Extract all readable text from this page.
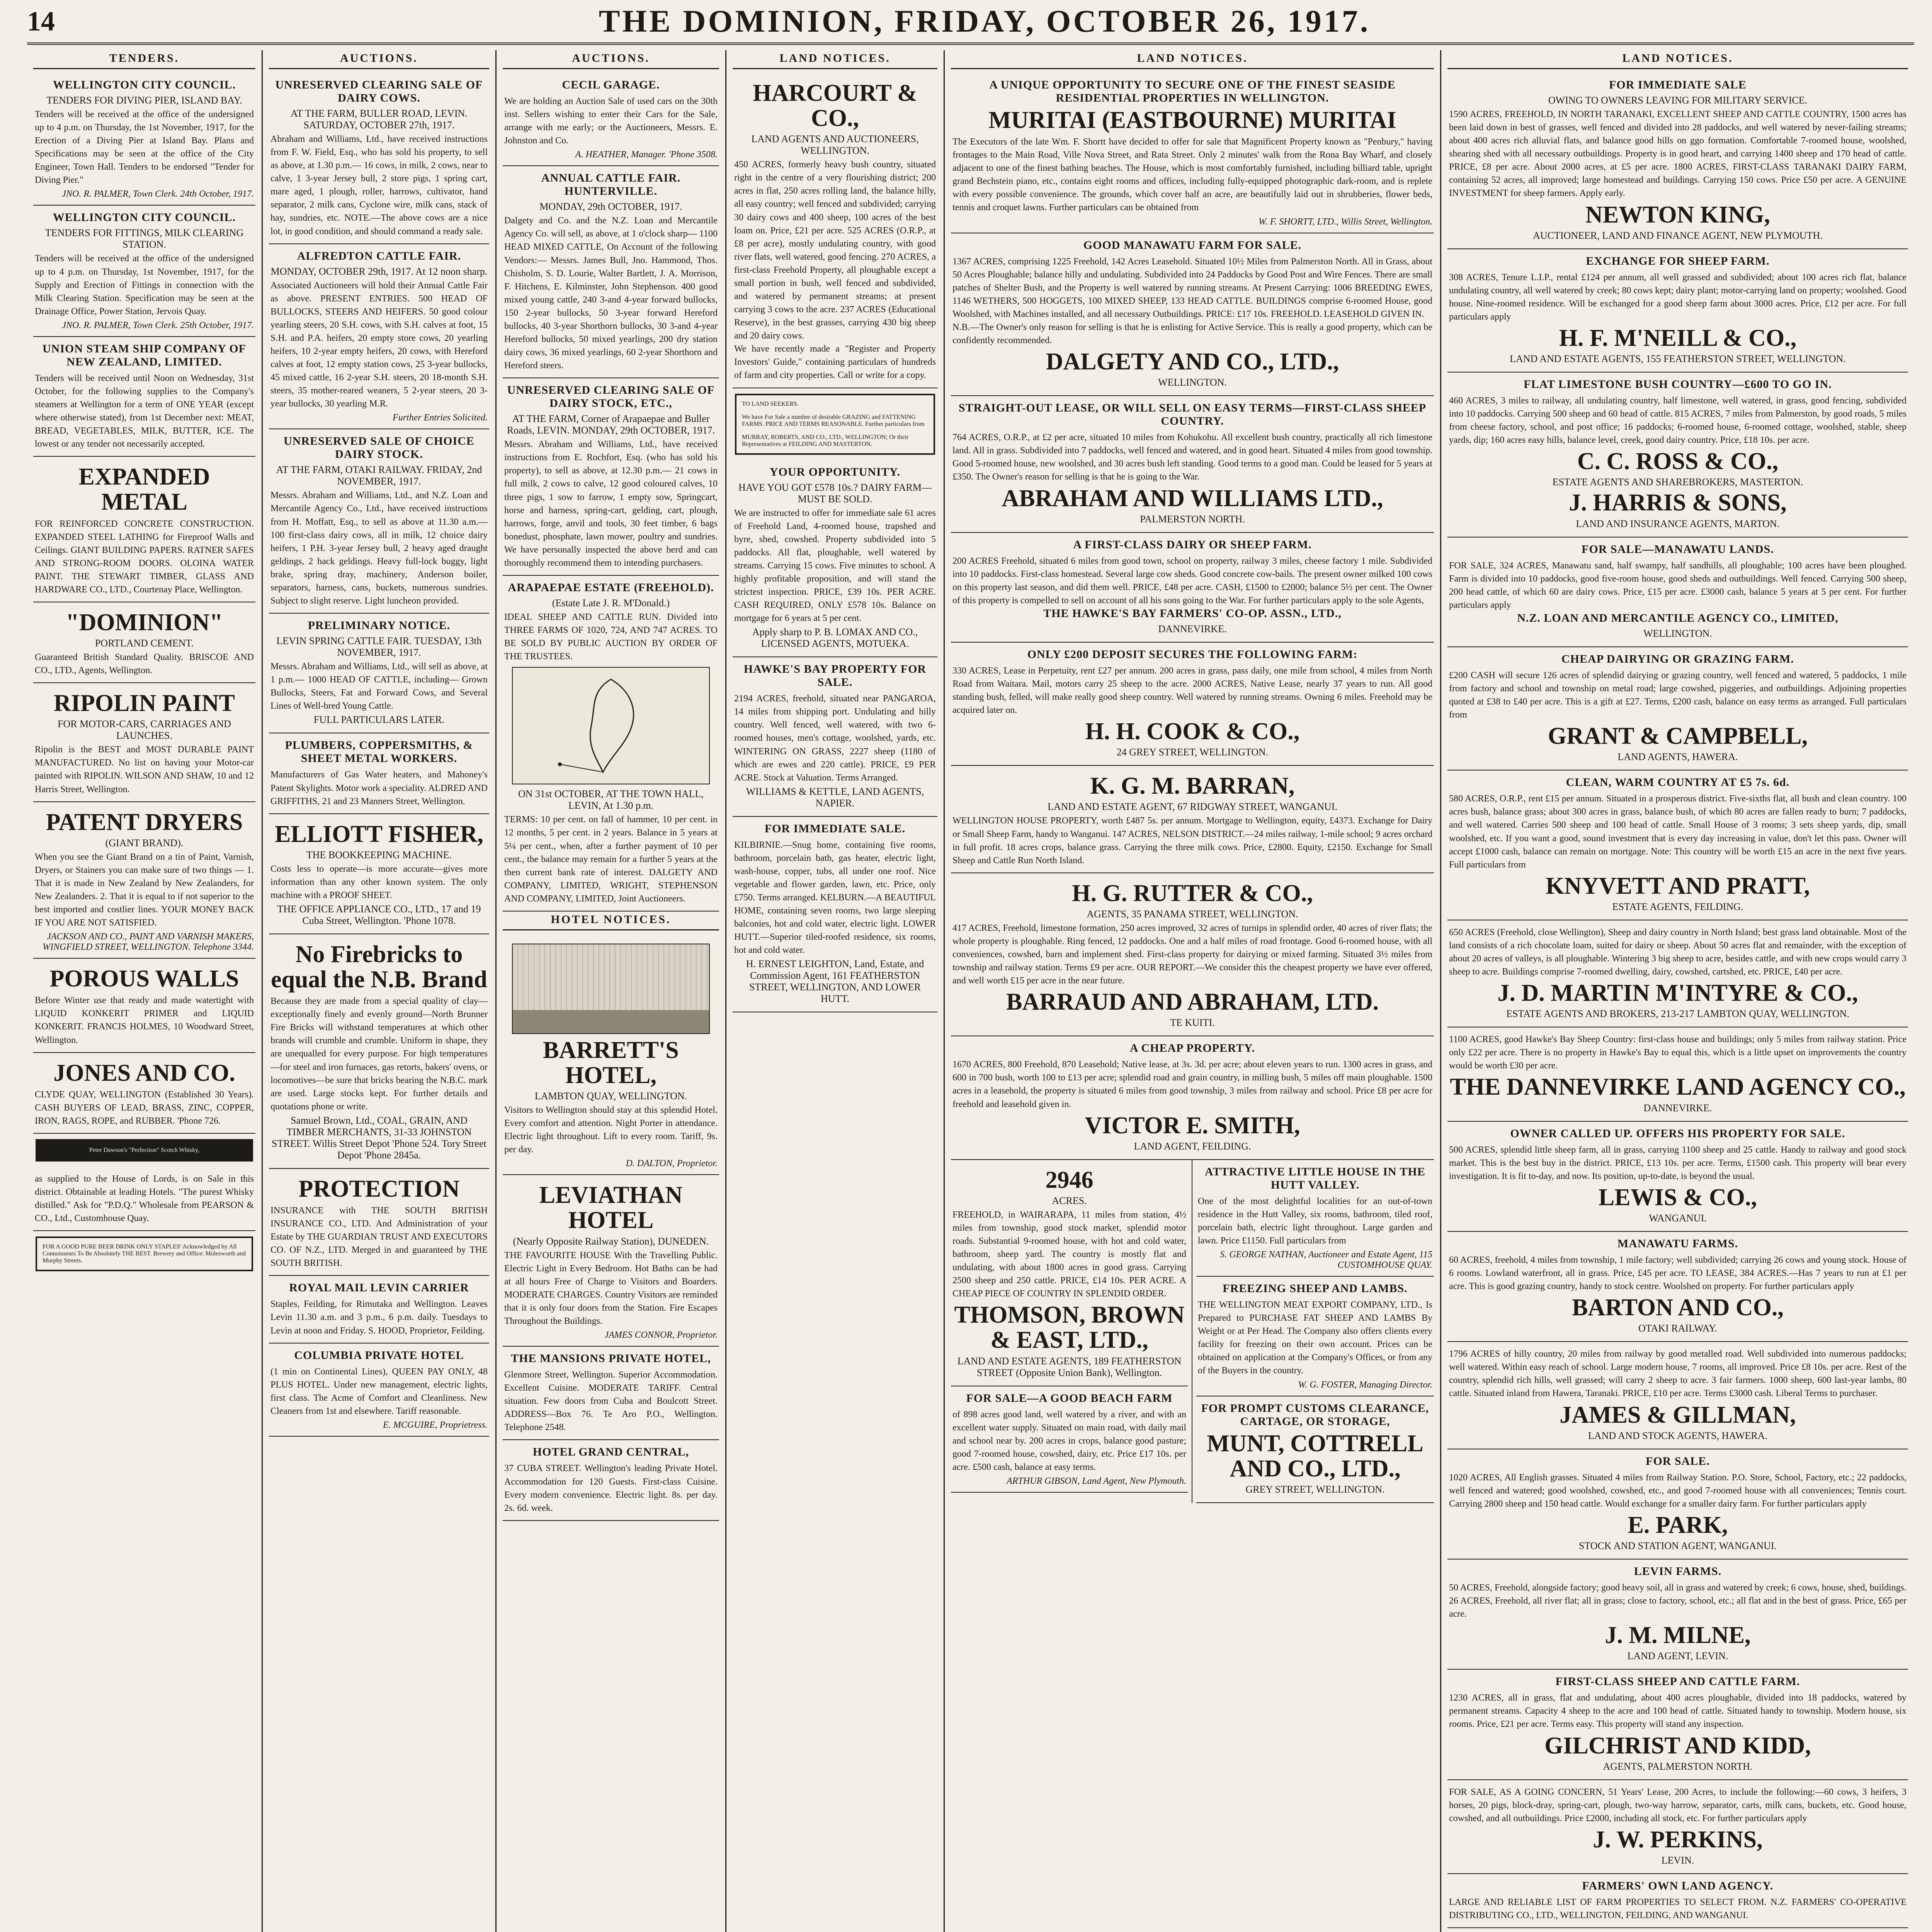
14	THE DOMINION, FRIDAY, OCTOBER 26, 1917.
TENDERS.
WELLINGTON CITY COUNCIL.
TENDERS FOR DIVING PIER, ISLAND BAY.

Tenders will be received at the office of the undersigned up to 4 p.m. on Thursday, the 1st November, 1917, for the Erection of a Diving Pier at Island Bay. Plans and Specifications may be seen at the office of the City Engineer, Town Hall. Tenders to be endorsed "Tender for Diving Pier."

JNO. R. PALMER, Town Clerk. 24th October, 1917.
WELLINGTON CITY COUNCIL.
TENDERS FOR FITTINGS, MILK CLEARING STATION.

Tenders will be received at the office of the undersigned up to 4 p.m. on Thursday, 1st November, 1917, for the Supply and Erection of Fittings in connection with the Milk Clearing Station. Specification may be seen at the Drainage Office, Power Station, Jervois Quay.

JNO. R. PALMER, Town Clerk. 25th October, 1917.
UNION STEAM SHIP COMPANY OF NEW ZEALAND, LIMITED.

Tenders will be received until Noon on Wednesday, 31st October, for the following supplies to the Company's steamers at Wellington for a term of ONE YEAR (except where otherwise stated), from 1st December next: MEAT, BREAD, VEGETABLES, MILK, BUTTER, ICE. The lowest or any tender not necessarily accepted.

EXPANDED METAL

FOR REINFORCED CONCRETE CONSTRUCTION. EXPANDED STEEL LATHING for Fireproof Walls and Ceilings. GIANT BUILDING PAPERS. RATNER SAFES AND STRONG-ROOM DOORS. OLOINA WATER PAINT. THE STEWART TIMBER, GLASS AND HARDWARE CO., LTD., Courtenay Place, Wellington.

"DOMINION"
PORTLAND CEMENT.

Guaranteed British Standard Quality. BRISCOE AND CO., LTD., Agents, Wellington.

RIPOLIN PAINT
FOR MOTOR-CARS, CARRIAGES AND LAUNCHES.

Ripolin is the BEST and MOST DURABLE PAINT MANUFACTURED. No list on having your Motor-car painted with RIPOLIN. WILSON AND SHAW, 10 and 12 Harris Street, Wellington.

PATENT DRYERS
(GIANT BRAND).

When you see the Giant Brand on a tin of Paint, Varnish, Dryers, or Stainers you can make sure of two things — 1. That it is made in New Zealand by New Zealanders, for New Zealanders. 2. That it is equal to if not superior to the best imported and costlier lines. YOUR MONEY BACK IF YOU ARE NOT SATISFIED.

JACKSON AND CO., PAINT AND VARNISH MAKERS, WINGFIELD STREET, WELLINGTON. Telephone 3344.
POROUS WALLS

Before Winter use that ready and made watertight with LIQUID KONKERIT PRIMER and LIQUID KONKERIT. FRANCIS HOLMES, 10 Woodward Street, Wellington.

JONES AND CO.

CLYDE QUAY, WELLINGTON (Established 30 Years). CASH BUYERS OF LEAD, BRASS, ZINC, COPPER, IRON, RAGS, ROPE, and RUBBER. 'Phone 726.

Peter Dawson's "Perfection" Scotch Whisky,

as supplied to the House of Lords, is on Sale in this district. Obtainable at leading Hotels. "The purest Whisky distilled." Ask for "P.D.Q." Wholesale from PEARSON & CO., Ltd., Customhouse Quay.

FOR A GOOD PURE BEER DRINK ONLY STAPLES' Acknowledged by All Connoisseurs To Be Absolutely THE BEST. Brewery and Office: Molesworth and Murphy Streets.
AUCTIONS.
UNRESERVED CLEARING SALE OF DAIRY COWS.
AT THE FARM, BULLER ROAD, LEVIN. SATURDAY, OCTOBER 27th, 1917.

Abraham and Williams, Ltd., have received instructions from F. W. Field, Esq., who has sold his property, to sell as above, at 1.30 p.m.— 16 cows, in milk, 2 cows, near to calve, 1 3-year Jersey bull, 2 store pigs, 1 spring cart, mare aged, 1 plough, roller, harrows, cultivator, hand separator, 2 milk cans, Cyclone wire, milk cans, stack of hay, sundries, etc. NOTE.—The above cows are a nice lot, in good condition, and should command a ready sale.

ALFREDTON CATTLE FAIR.
MONDAY, OCTOBER 29th, 1917. At 12 noon sharp.

Associated Auctioneers will hold their Annual Cattle Fair as above. PRESENT ENTRIES. 500 HEAD OF BULLOCKS, STEERS AND HEIFERS. 50 good colour yearling steers, 20 S.H. cows, with S.H. calves at foot, 15 S.H. and P.A. heifers, 20 empty store cows, 20 yearling heifers, 10 2-year empty heifers, 20 cows, with Hereford calves at foot, 12 empty station cows, 25 3-year bullocks, 45 mixed cattle, 16 2-year S.H. steers, 20 18-month S.H. steers, 35 mother-reared weaners, 5 2-year steers, 20 3-year bullocks, 30 yearling M.R.

Further Entries Solicited.
UNRESERVED SALE OF CHOICE DAIRY STOCK.
AT THE FARM, OTAKI RAILWAY. FRIDAY, 2nd NOVEMBER, 1917.

Messrs. Abraham and Williams, Ltd., and N.Z. Loan and Mercantile Agency Co., Ltd., have received instructions from H. Moffatt, Esq., to sell as above at 11.30 a.m.— 100 first-class dairy cows, all in milk, 12 choice dairy heifers, 1 P.H. 3-year Jersey bull, 2 heavy aged draught geldings, 2 hack geldings. Heavy full-lock buggy, light brake, spring dray, machinery, Anderson boiler, separators, harness, cans, buckets, numerous sundries. Subject to slight reserve. Light luncheon provided.

PRELIMINARY NOTICE.
LEVIN SPRING CATTLE FAIR. TUESDAY, 13th NOVEMBER, 1917.

Messrs. Abraham and Williams, Ltd., will sell as above, at 1 p.m.— 1000 HEAD OF CATTLE, including— Grown Bullocks, Steers, Fat and Forward Cows, and Several Lines of Well-bred Young Cattle.

FULL PARTICULARS LATER.
PLUMBERS, COPPERSMITHS, & SHEET METAL WORKERS.

Manufacturers of Gas Water heaters, and Mahoney's Patent Skylights. Motor work a speciality. ALDRED AND GRIFFITHS, 21 and 23 Manners Street, Wellington.

ELLIOTT FISHER,
THE BOOKKEEPING MACHINE.

Costs less to operate—is more accurate—gives more information than any other known system. The only machine with a PROOF SHEET.

THE OFFICE APPLIANCE CO., LTD., 17 and 19 Cuba Street, Wellington. 'Phone 1078.
No Firebricks to equal the N.B. Brand

Because they are made from a special quality of clay—exceptionally finely and evenly ground—North Brunner Fire Bricks will withstand temperatures at which other brands will crumble and crumble. Uniform in shape, they are unequalled for every purpose. For high temperatures—for steel and iron furnaces, gas retorts, bakers' ovens, or locomotives—be sure that bricks bearing the N.B.C. mark are used. Large stocks kept. For further details and quotations phone or write.

Samuel Brown, Ltd., COAL, GRAIN, AND TIMBER MERCHANTS, 31-33 JOHNSTON STREET. Willis Street Depot 'Phone 524. Tory Street Depot 'Phone 2845a.
PROTECTION

INSURANCE with THE SOUTH BRITISH INSURANCE CO., LTD. And Administration of your Estate by THE GUARDIAN TRUST AND EXECUTORS CO. OF N.Z., LTD. Merged in and guaranteed by THE SOUTH BRITISH.

ROYAL MAIL LEVIN CARRIER

Staples, Feilding, for Rimutaka and Wellington. Leaves Levin 11.30 a.m. and 3 p.m., 6 p.m. daily. Tuesdays to Levin at noon and Friday. S. HOOD, Proprietor, Feilding.

COLUMBIA PRIVATE HOTEL

(1 min on Continental Lines), QUEEN PAY ONLY, 48 PLUS HOTEL. Under new management, electric lights, first class. The Acme of Comfort and Cleanliness. New Cleaners from 1st and elsewhere. Tariff reasonable.

E. MCGUIRE, Proprietress.
AUCTIONS.
CECIL GARAGE.

We are holding an Auction Sale of used cars on the 30th inst. Sellers wishing to enter their Cars for the Sale, arrange with me early; or the Auctioneers, Messrs. E. Johnston and Co.

A. HEATHER, Manager. 'Phone 3508.
ANNUAL CATTLE FAIR. HUNTERVILLE.
MONDAY, 29th OCTOBER, 1917.

Dalgety and Co. and the N.Z. Loan and Mercantile Agency Co. will sell, as above, at 1 o'clock sharp— 1100 HEAD MIXED CATTLE, On Account of the following Vendors:— Messrs. James Bull, Jno. Hammond, Thos. Chisholm, S. D. Lourie, Walter Bartlett, J. A. Morrison, F. Hitchens, E. Kilminster, John Stephenson. 400 good mixed young cattle, 240 3-and 4-year forward bullocks, 150 2-year bullocks, 50 3-year forward Hereford bullocks, 40 3-year Shorthorn bullocks, 30 3-and 4-year Hereford bullocks, 50 mixed yearlings, 200 dry station dairy cows, 36 mixed yearlings, 60 2-year Shorthorn and Hereford steers.

UNRESERVED CLEARING SALE OF DAIRY STOCK, ETC.,
AT THE FARM, Corner of Arapaepae and Buller Roads, LEVIN. MONDAY, 29th OCTOBER, 1917.

Messrs. Abraham and Williams, Ltd., have received instructions from E. Rochfort, Esq. (who has sold his property), to sell as above, at 12.30 p.m.— 21 cows in full milk, 2 cows to calve, 12 good coloured calves, 10 three pigs, 1 sow to farrow, 1 empty sow, Springcart, horse and harness, spring-cart, gelding, cart, plough, harrows, forge, anvil and tools, 30 feet timber, 6 bags bonedust, phosphate, lawn mower, poultry and sundries. We have personally inspected the above herd and can thoroughly recommend them to intending purchasers.

ARAPAEPAE ESTATE (FREEHOLD).
(Estate Late J. R. M'Donald.)

IDEAL SHEEP AND CATTLE RUN. Divided into THREE FARMS OF 1020, 724, AND 747 ACRES. TO BE SOLD BY PUBLIC AUCTION BY ORDER OF THE TRUSTEES.

ON 31st OCTOBER, AT THE TOWN HALL, LEVIN, At 1.30 p.m.

TERMS: 10 per cent. on fall of hammer, 10 per cent. in 12 months, 5 per cent. in 2 years. Balance in 5 years at 5¼ per cent., when, after a further payment of 10 per cent., the balance may remain for a further 5 years at the then current bank rate of interest. DALGETY AND COMPANY, LIMITED, WRIGHT, STEPHENSON AND COMPANY, LIMITED, Joint Auctioneers.

HOTEL NOTICES.
BARRETT'S HOTEL,
LAMBTON QUAY, WELLINGTON.

Visitors to Wellington should stay at this splendid Hotel. Every comfort and attention. Night Porter in attendance. Electric light throughout. Lift to every room. Tariff, 9s. per day.

D. DALTON, Proprietor.
LEVIATHAN HOTEL
(Nearly Opposite Railway Station), DUNEDEN.

THE FAVOURITE HOUSE With the Travelling Public. Electric Light in Every Bedroom. Hot Baths can be had at all hours Free of Charge to Visitors and Boarders. MODERATE CHARGES. Country Visitors are reminded that it is only four doors from the Station. Fire Escapes Throughout the Buildings.

JAMES CONNOR, Proprietor.
THE MANSIONS PRIVATE HOTEL,

Glenmore Street, Wellington. Superior Accommodation. Excellent Cuisine. MODERATE TARIFF. Central situation. Few doors from Cuba and Boulcott Street. ADDRESS—Box 76. Te Aro P.O., Wellington. Telephone 2548.

HOTEL GRAND CENTRAL,

37 CUBA STREET. Wellington's leading Private Hotel. Accommodation for 120 Guests. First-class Cuisine. Every modern convenience. Electric light. 8s. per day. 2s. 6d. week.

LAND NOTICES.
HARCOURT & CO.,
LAND AGENTS AND AUCTIONEERS, WELLINGTON.

450 ACRES, formerly heavy bush country, situated right in the centre of a very flourishing district; 200 acres in flat, 250 acres rolling land, the balance hilly, all easy country; well fenced and subdivided; carrying 30 dairy cows and 400 sheep, 100 acres of the best loam on. Price, £21 per acre. 525 ACRES (O.R.P., at £8 per acre), mostly undulating country, with good river flats, well watered, good fencing. 270 ACRES, a first-class Freehold Property, all ploughable except a small portion in bush, well fenced and subdivided, and watered by permanent streams; at present carrying 3 cows to the acre. 237 ACRES (Educational Reserve), in the best grasses, carrying 430 big sheep and 20 dairy cows.

We have recently made a "Register and Property Investors' Guide," containing particulars of hundreds of farm and city properties. Call or write for a copy.

TO LAND SEEKERS.

We have For Sale a number of desirable GRAZING and FATTENING FARMS. PRICE AND TERMS REASONABLE. Further particulars from

MURRAY, ROBERTS, AND CO., LTD., WELLINGTON; Or their Representatives at FEILDING AND MASTERTON.
YOUR OPPORTUNITY.
HAVE YOU GOT £578 10s.? DAIRY FARM—MUST BE SOLD.

We are instructed to offer for immediate sale 61 acres of Freehold Land, 4-roomed house, trapshed and byre, shed, cowshed. Property subdivided into 5 paddocks. All flat, ploughable, well watered by streams. Carrying 15 cows. Five minutes to school. A highly profitable proposition, and will stand the strictest inspection. PRICE, £39 10s. PER ACRE. CASH REQUIRED, ONLY £578 10s. Balance on mortgage for 6 years at 5 per cent.

Apply sharp to P. B. LOMAX AND CO., LICENSED AGENTS, MOTUEKA.
HAWKE'S BAY PROPERTY FOR SALE.

2194 ACRES, freehold, situated near PANGAROA, 14 miles from shipping port. Undulating and hilly country. Well fenced, well watered, with two 6-roomed houses, men's cottage, woolshed, yards, etc. WINTERING ON GRASS, 2227 sheep (1180 of which are ewes and 220 cattle). PRICE, £9 PER ACRE. Stock at Valuation. Terms Arranged.

WILLIAMS & KETTLE, LAND AGENTS, NAPIER.
FOR IMMEDIATE SALE.

KILBIRNIE.—Snug home, containing five rooms, bathroom, porcelain bath, gas heater, electric light, wash-house, copper, tubs, all under one roof. Nice vegetable and flower garden, lawn, etc. Price, only £750. Terms arranged. KELBURN.—A BEAUTIFUL HOME, containing seven rooms, two large sleeping balconies, hot and cold water, electric light. LOWER HUTT.—Superior tiled-roofed residence, six rooms, hot and cold water.

H. ERNEST LEIGHTON, Land, Estate, and Commission Agent, 161 FEATHERSTON STREET, WELLINGTON, AND LOWER HUTT.
LAND NOTICES.
A UNIQUE OPPORTUNITY TO SECURE ONE OF THE FINEST SEASIDE RESIDENTIAL PROPERTIES IN WELLINGTON.
MURITAI (EASTBOURNE) MURITAI

The Executors of the late Wm. F. Shortt have decided to offer for sale that Magnificent Property known as "Penbury," having frontages to the Main Road, Ville Nova Street, and Rata Street. Only 2 minutes' walk from the Rona Bay Wharf, and closely adjacent to one of the finest bathing beaches. The House, which is most comfortably furnished, including billiard table, upright grand Bechstein piano, etc., contains eight rooms and offices, including fully-equipped photographic dark-room, and is replete with every possible convenience. The grounds, which cover half an acre, are beautifully laid out in shrubberies, flower beds, tennis and croquet lawns. Further particulars can be obtained from

W. F. SHORTT, LTD., Willis Street, Wellington.
GOOD MANAWATU FARM FOR SALE.

1367 ACRES, comprising 1225 Freehold, 142 Acres Leasehold. Situated 10½ Miles from Palmerston North. All in Grass, about 50 Acres Ploughable; balance hilly and undulating. Subdivided into 24 Paddocks by Good Post and Wire Fences. There are small patches of Shelter Bush, and the Property is well watered by running streams. At Present Carrying: 1006 BREEDING EWES, 1146 WETHERS, 500 HOGGETS, 100 MIXED SHEEP, 133 HEAD CATTLE. BUILDINGS comprise 6-roomed House, good Woolshed, with Machines installed, and all necessary Outbuildings. PRICE: £17 10s. FREEHOLD. LEASEHOLD GIVEN IN.

N.B.—The Owner's only reason for selling is that he is enlisting for Active Service. This is really a good property, which can be confidently recommended.

DALGETY AND CO., LTD.,
WELLINGTON.
STRAIGHT-OUT LEASE, OR WILL SELL ON EASY TERMS—FIRST-CLASS SHEEP COUNTRY.

764 ACRES, O.R.P., at £2 per acre, situated 10 miles from Kohukohu. All excellent bush country, practically all rich limestone land. All in grass. Subdivided into 7 paddocks, well fenced and watered, and in good heart. Situated 4 miles from good township. Good 5-roomed house, new woolshed, and 30 acres bush left standing. Good terms to a good man. Could be leased for 5 years at £350. The Owner's reason for selling is that he is going to the War.

ABRAHAM AND WILLIAMS LTD.,
PALMERSTON NORTH.
A FIRST-CLASS DAIRY OR SHEEP FARM.

200 ACRES Freehold, situated 6 miles from good town, school on property, railway 3 miles, cheese factory 1 mile. Subdivided into 10 paddocks. First-class homestead. Several large cow sheds. Good concrete cow-bails. The present owner milked 100 cows on this property last season, and did them well. PRICE, £48 per acre. CASH, £1500 to £2000; balance 5½ per cent. The Owner of this property is compelled to sell on account of all his sons going to the War. For further particulars apply to the sole Agents,

THE HAWKE'S BAY FARMERS' CO-OP. ASSN., LTD.,
DANNEVIRKE.
ONLY £200 DEPOSIT SECURES THE FOLLOWING FARM:

330 ACRES, Lease in Perpetuity, rent £27 per annum. 200 acres in grass, pass daily, one mile from school, 4 miles from North Road from Waitara. Mail, motors carry 25 sheep to the acre. 2000 ACRES, Native Lease, nearly 37 years to run. All good standing bush, felled, will make really good sheep country. Well watered by running streams. Owning 6 miles. Freehold may be acquired later on.

H. H. COOK & CO.,
24 GREY STREET, WELLINGTON.
K. G. M. BARRAN,
LAND AND ESTATE AGENT, 67 RIDGWAY STREET, WANGANUI.

WELLINGTON HOUSE PROPERTY, worth £487 5s. per annum. Mortgage to Wellington, equity, £4373. Exchange for Dairy or Small Sheep Farm, handy to Wanganui. 147 ACRES, NELSON DISTRICT.—24 miles railway, 1-mile school; 9 acres orchard in full profit. 18 acres crops, balance grass. Carrying the three milk cows. Price, £2800. Equity, £2150. Exchange for Small Sheep and Cattle Run North Island.

H. G. RUTTER & CO.,
AGENTS, 35 PANAMA STREET, WELLINGTON.

417 ACRES, Freehold, limestone formation, 250 acres improved, 32 acres of turnips in splendid order, 40 acres of river flats; the whole property is ploughable. Ring fenced, 12 paddocks. One and a half miles of road frontage. Good 6-roomed house, with all conveniences, cowshed, barn and implement shed. First-class property for dairying or mixed farming. Situated 3½ miles from township and railway station. Terms £9 per acre. OUR REPORT.—We consider this the cheapest property we have ever offered, and well worth £15 per acre in the near future.

BARRAUD AND ABRAHAM, LTD.
TE KUITI.
A CHEAP PROPERTY.

1670 ACRES, 800 Freehold, 870 Leasehold; Native lease, at 3s. 3d. per acre; about eleven years to run. 1300 acres in grass, and 600 in 700 bush, worth 100 to £13 per acre; splendid road and grain country, in milling bush, 5 miles off main ploughable. 1500 acres in a leasehold, the property is situated 6 miles from good township, 3 miles from railway and school. Price £8 per acre for freehold and leasehold given in.

VICTOR E. SMITH,
LAND AGENT, FEILDING.
2946
ACRES.

FREEHOLD, in WAIRARAPA, 11 miles from station, 4½ miles from township, good stock market, splendid motor roads. Substantial 9-roomed house, with hot and cold water, bathroom, sheep yard. The country is mostly flat and undulating, with about 1800 acres in good grass. Carrying 2500 sheep and 250 cattle. PRICE, £14 10s. PER ACRE. A CHEAP PIECE OF COUNTRY IN SPLENDID ORDER.

THOMSON, BROWN & EAST, LTD.,
LAND AND ESTATE AGENTS, 189 FEATHERSTON STREET (Opposite Union Bank), Wellington.
FOR SALE—A GOOD BEACH FARM

of 898 acres good land, well watered by a river, and with an excellent water supply. Situated on main road, with daily mail and school near by. 200 acres in crops, balance good pasture; good 7-roomed house, cowshed, dairy, etc. Price £17 10s. per acre. £500 cash, balance at easy terms.

ARTHUR GIBSON, Land Agent, New Plymouth.
ATTRACTIVE LITTLE HOUSE IN THE HUTT VALLEY.

One of the most delightful localities for an out-of-town residence in the Hutt Valley, six rooms, bathroom, tiled roof, porcelain bath, electric light throughout. Large garden and lawn. Price £1150. Full particulars from

S. GEORGE NATHAN, Auctioneer and Estate Agent, 115 CUSTOMHOUSE QUAY.
FREEZING SHEEP AND LAMBS.

THE WELLINGTON MEAT EXPORT COMPANY, LTD., Is Prepared to PURCHASE FAT SHEEP AND LAMBS By Weight or at Per Head. The Company also offers clients every facility for freezing on their own account. Prices can be obtained on application at the Company's Offices, or from any of the Buyers in the country.

W. G. FOSTER, Managing Director.
FOR PROMPT CUSTOMS CLEARANCE, CARTAGE, OR STORAGE,
MUNT, COTTRELL AND CO., LTD.,
GREY STREET, WELLINGTON.
LAND NOTICES.
FOR IMMEDIATE SALE
OWING TO OWNERS LEAVING FOR MILITARY SERVICE.

1590 ACRES, FREEHOLD, IN NORTH TARANAKI, EXCELLENT SHEEP AND CATTLE COUNTRY, 1500 acres has been laid down in best of grasses, well fenced and divided into 28 paddocks, and well watered by never-failing streams; about 400 acres rich alluvial flats, and balance good hills on ggo formation. Comfortable 7-roomed house, woolshed, shearing shed with all necessary outbuildings. Property is in good heart, and carrying 1400 sheep and 170 head of cattle. PRICE, £8 per acre. About 2000 acres, at £5 per acre. 1800 ACRES, FIRST-CLASS TARANAKI DAIRY FARM, containing 52 acres, all improved; large homestead and buildings. Carrying 150 cows. Price £50 per acre. A GENUINE INVESTMENT for sheep farmers. Apply early.

NEWTON KING,
AUCTIONEER, LAND AND FINANCE AGENT, NEW PLYMOUTH.
EXCHANGE FOR SHEEP FARM.

308 ACRES, Tenure L.I.P., rental £124 per annum, all well grassed and subdivided; about 100 acres rich flat, balance undulating country, all well watered by creek; 80 cows kept; dairy plant; motor-carrying land on property; woolshed. Good house. Nine-roomed residence. Will be exchanged for a good sheep farm about 3000 acres. Price, £12 per acre. For full particulars apply

H. F. M'NEILL & CO.,
LAND AND ESTATE AGENTS, 155 FEATHERSTON STREET, WELLINGTON.
FLAT LIMESTONE BUSH COUNTRY—£600 TO GO IN.

460 ACRES, 3 miles to railway, all undulating country, half limestone, well watered, in grass, good fencing, subdivided into 10 paddocks. Carrying 500 sheep and 60 head of cattle. 815 ACRES, 7 miles from Palmerston, by good roads, 5 miles from cheese factory, school, and post office; 16 paddocks; 6-roomed house, 6-roomed cottage, woolshed, stable, sheep yards, dip; 160 acres easy hills, balance level, creek, good dairy country. Price, £18 10s. per acre.

C. C. ROSS & CO.,
ESTATE AGENTS AND SHAREBROKERS, MASTERTON.
J. HARRIS & SONS,
LAND AND INSURANCE AGENTS, MARTON.
FOR SALE—MANAWATU LANDS.

FOR SALE, 324 ACRES, Manawatu sand, half swampy, half sandhills, all ploughable; 100 acres have been ploughed. Farm is divided into 10 paddocks, good five-room house, good sheds and outbuildings. Well fenced. Carrying 500 sheep, 200 head cattle, of which 60 are dairy cows. Price, £15 per acre. £3000 cash, balance 5 years at 5 per cent. For further particulars apply

N.Z. LOAN AND MERCANTILE AGENCY CO., LIMITED,
WELLINGTON.
CHEAP DAIRYING OR GRAZING FARM.

£200 CASH will secure 126 acres of splendid dairying or grazing country, well fenced and watered, 5 paddocks, 1 mile from factory and school and township on metal road; large cowshed, piggeries, and outbuildings. Adjoining properties quoted at £38 to £40 per acre. This is a gift at £27. Terms, £200 cash, balance on easy terms as arranged. Full particulars from

GRANT & CAMPBELL,
LAND AGENTS, HAWERA.
CLEAN, WARM COUNTRY AT £5 7s. 6d.

580 ACRES, O.R.P., rent £15 per annum. Situated in a prosperous district. Five-sixths flat, all bush and clean country. 100 acres bush, balance grass; about 300 acres in grass, balance bush, of which 80 acres are fallen ready to burn; 7 paddocks, and well watered. Carries 500 sheep and 100 head of cattle. Small House of 3 rooms; 3 sets sheep yards, dip, small woolshed, etc. If you want a good, sound investment that is every day increasing in value, don't let this pass. Owner will accept £1000 cash, balance can remain on mortgage. Note: This country will be worth £15 an acre in the next five years. Full particulars from

KNYVETT AND PRATT,
ESTATE AGENTS, FEILDING.

650 ACRES (Freehold, close Wellington), Sheep and dairy country in North Island; best grass land obtainable. Most of the land consists of a rich chocolate loam, suited for dairy or sheep. About 50 acres flat and remainder, with the exception of about 20 acres of valleys, is all ploughable. Wintering 3 big sheep to acre, besides cattle, and with new crops would carry 3 sheep to acre. Buildings comprise 7-roomed dwelling, dairy, cowshed, cartshed, etc. PRICE, £40 per acre.

J. D. MARTIN M'INTYRE & CO.,
ESTATE AGENTS AND BROKERS, 213-217 LAMBTON QUAY, WELLINGTON.

1100 ACRES, good Hawke's Bay Sheep Country: first-class house and buildings; only 5 miles from railway station. Price only £22 per acre. There is no property in Hawke's Bay to equal this, which is a little upset on improvements the country would be worth £30 per acre.

THE DANNEVIRKE LAND AGENCY CO.,
DANNEVIRKE.
OWNER CALLED UP. OFFERS HIS PROPERTY FOR SALE.

500 ACRES, splendid little sheep farm, all in grass, carrying 1100 sheep and 25 cattle. Handy to railway and good stock market. This is the best buy in the district. PRICE, £13 10s. per acre. Terms, £1500 cash. This property will bear every investigation. It is fit to-day, and now. Its position, up-to-date, is beyond the usual.

LEWIS & CO.,
WANGANUI.
MANAWATU FARMS.

60 ACRES, freehold, 4 miles from township, 1 mile factory; well subdivided; carrying 26 cows and young stock. House of 6 rooms. Lowland waterfront, all in grass. Price, £45 per acre. TO LEASE, 384 ACRES.—Has 7 years to run at £1 per acre. This is good grazing country, handy to stock centre. Woolshed on property. For further particulars apply

BARTON AND CO.,
OTAKI RAILWAY.

1796 ACRES of hilly country, 20 miles from railway by good metalled road. Well subdivided into numerous paddocks; well watered. Within easy reach of school. Large modern house, 7 rooms, all improved. Price £8 10s. per acre. Rest of the country, splendid rich hills, well grassed; will carry 2 sheep to acre. 3 fair farmers. 1000 sheep, 600 last-year lambs, 80 cattle. Situated inland from Hawera, Taranaki. PRICE, £10 per acre. Terms £3000 cash. Liberal Terms to purchaser.

JAMES & GILLMAN,
LAND AND STOCK AGENTS, HAWERA.
FOR SALE.

1020 ACRES, All English grasses. Situated 4 miles from Railway Station. P.O. Store, School, Factory, etc.; 22 paddocks, well fenced and watered; good woolshed, cowshed, etc., and good 7-roomed house with all conveniences; Tennis court. Carrying 2800 sheep and 150 head cattle. Would exchange for a smaller dairy farm. For further particulars apply

E. PARK,
STOCK AND STATION AGENT, WANGANUI.
LEVIN FARMS.

50 ACRES, Freehold, alongside factory; good heavy soil, all in grass and watered by creek; 6 cows, house, shed, buildings. 26 ACRES, Freehold, all river flat; all in grass; close to factory, school, etc.; all flat and in the best of grass. Price, £65 per acre.

J. M. MILNE,
LAND AGENT, LEVIN.
FIRST-CLASS SHEEP AND CATTLE FARM.

1230 ACRES, all in grass, flat and undulating, about 400 acres ploughable, divided into 18 paddocks, watered by permanent streams. Capacity 4 sheep to the acre and 100 head of cattle. Situated handy to township. Modern house, six rooms. Price, £21 per acre. Terms easy. This property will stand any inspection.

GILCHRIST AND KIDD,
AGENTS, PALMERSTON NORTH.

FOR SALE, AS A GOING CONCERN, 51 Years' Lease, 200 Acres, to include the following:—60 cows, 3 heifers, 3 horses, 20 pigs, block-dray, spring-cart, plough, two-way harrow, separator, carts, milk cans, buckets, etc. Good house, cowshed, and all outbuildings. Price £2000, including all stock, etc. For further particulars apply

J. W. PERKINS,
LEVIN.
FARMERS' OWN LAND AGENCY.

LARGE AND RELIABLE LIST OF FARM PROPERTIES TO SELECT FROM. N.Z. FARMERS' CO-OPERATIVE DISTRIBUTING CO., LTD., WELLINGTON, FEILDING, AND WANGANUI.
